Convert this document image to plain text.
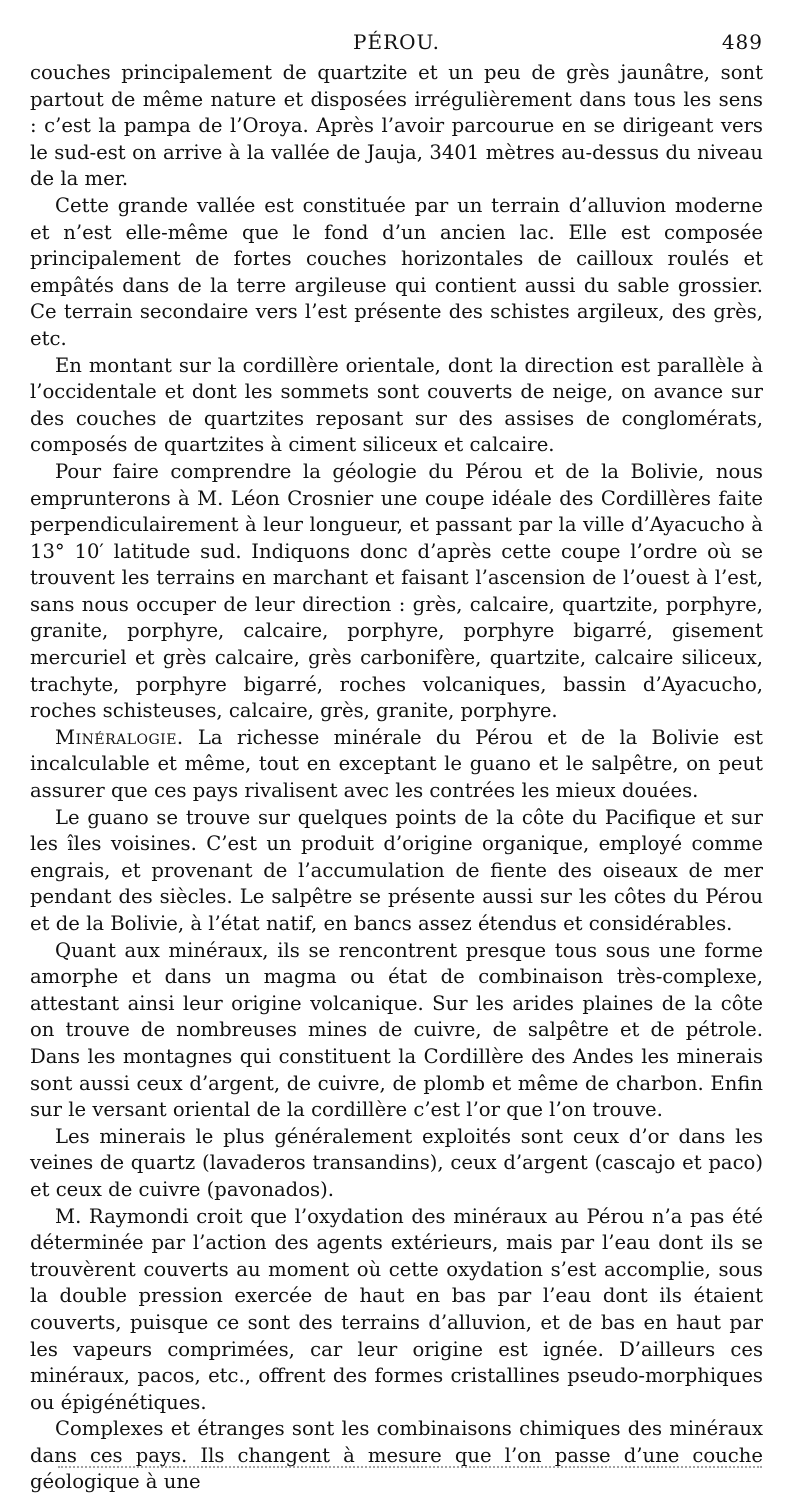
PÉROU.	489

couches principalement de quartzite et un peu de grès jaunâtre, sont partout de même nature et disposées irrégulièrement dans tous les sens : c’est la pampa de l’Oroya. Après l’avoir parcourue en se dirigeant vers le sud-est on arrive à la vallée de Jauja, 3401 mètres au-dessus du niveau de la mer.

Cette grande vallée est constituée par un terrain d’alluvion moderne et n’est elle-même que le fond d’un ancien lac. Elle est composée principalement de fortes couches horizontales de cailloux roulés et empâtés dans de la terre argileuse qui contient aussi du sable grossier. Ce terrain secondaire vers l’est présente des schistes argileux, des grès, etc.

En montant sur la cordillère orientale, dont la direction est parallèle à l’occidentale et dont les sommets sont couverts de neige, on avance sur des couches de quartzites reposant sur des assises de conglomérats, composés de quartzites à ciment siliceux et calcaire.

Pour faire comprendre la géologie du Pérou et de la Bolivie, nous emprunterons à M. Léon Crosnier une coupe idéale des Cordillères faite perpendiculairement à leur longueur, et passant par la ville d’Ayacucho à 13° 10′ latitude sud. Indiquons donc d’après cette coupe l’ordre où se trouvent les terrains en marchant et faisant l’ascension de l’ouest à l’est, sans nous occuper de leur direction : grès, calcaire, quartzite, porphyre, granite, porphyre, calcaire, porphyre, porphyre bigarré, gisement mercuriel et grès calcaire, grès carbonifère, quartzite, calcaire siliceux, trachyte, porphyre bigarré, roches volcaniques, bassin d’Ayacucho, roches schisteuses, calcaire, grès, granite, porphyre.

Minéralogie. La richesse minérale du Pérou et de la Bolivie est incalculable et même, tout en exceptant le guano et le salpêtre, on peut assurer que ces pays rivalisent avec les contrées les mieux douées.

Le guano se trouve sur quelques points de la côte du Pacifique et sur les îles voisines. C’est un produit d’origine organique, employé comme engrais, et provenant de l’accumulation de fiente des oiseaux de mer pendant des siècles. Le salpêtre se présente aussi sur les côtes du Pérou et de la Bolivie, à l’état natif, en bancs assez étendus et considérables.

Quant aux minéraux, ils se rencontrent presque tous sous une forme amorphe et dans un magma ou état de combinaison très-complexe, attestant ainsi leur origine volcanique. Sur les arides plaines de la côte on trouve de nombreuses mines de cuivre, de salpêtre et de pétrole. Dans les montagnes qui constituent la Cordillère des Andes les minerais sont aussi ceux d’argent, de cuivre, de plomb et même de charbon. Enfin sur le versant oriental de la cordillère c’est l’or que l’on trouve.

Les minerais le plus généralement exploités sont ceux d’or dans les veines de quartz (lavaderos transandins), ceux d’argent (cascajo et paco) et ceux de cuivre (pavonados).

M. Raymondi croit que l’oxydation des minéraux au Pérou n’a pas été déterminée par l’action des agents extérieurs, mais par l’eau dont ils se trouvèrent couverts au moment où cette oxydation s’est accomplie, sous la double pression exercée de haut en bas par l’eau dont ils étaient couverts, puisque ce sont des terrains d’alluvion, et de bas en haut par les vapeurs comprimées, car leur origine est ignée. D’ailleurs ces minéraux, pacos, etc., offrent des formes cristallines pseudo-morphiques ou épigénétiques.

Complexes et étranges sont les combinaisons chimiques des minéraux dans ces pays. Ils changent à mesure que l’on passe d’une couche géologique à une
